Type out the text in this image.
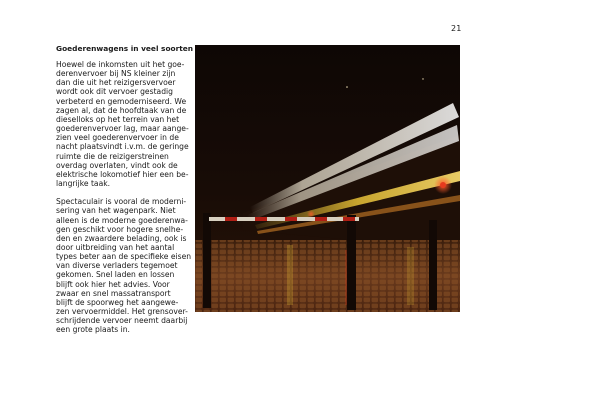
21
Goederenwagens in veel soorten

Hoewel de inkomsten uit het goe-
derenvervoer bij NS kleiner zijn
dan die uit het reizigersvervoer
wordt ook dit vervoer gestadig
verbeterd en gemoderniseerd. We
zagen al, dat de hoofdtaak van de
dieselloks op het terrein van het
goederenvervoer lag, maar aange-
zien veel goederenvervoer in de
nacht plaatsvindt i.v.m. de geringe
ruimte die de reizigerstreinen
overdag overlaten, vindt ook de
elektrische lokomotief hier een be-
langrijke taak.

Spectaculair is vooral de moderni-
sering van het wagenpark. Niet
alleen is de moderne goederenwa-
gen geschikt voor hogere snelhe-
den en zwaardere belading, ook is
door uitbreiding van het aantal
types beter aan de specifieke eisen
van diverse verladers tegemoet
gekomen. Snel laden en lossen
blijft ook hier het advies. Voor
zwaar en snel massatransport
blijft de spoorweg het aangewe-
zen vervoermiddel. Het grensover-
schrijdende vervoer neemt daarbij
een grote plaats in.
